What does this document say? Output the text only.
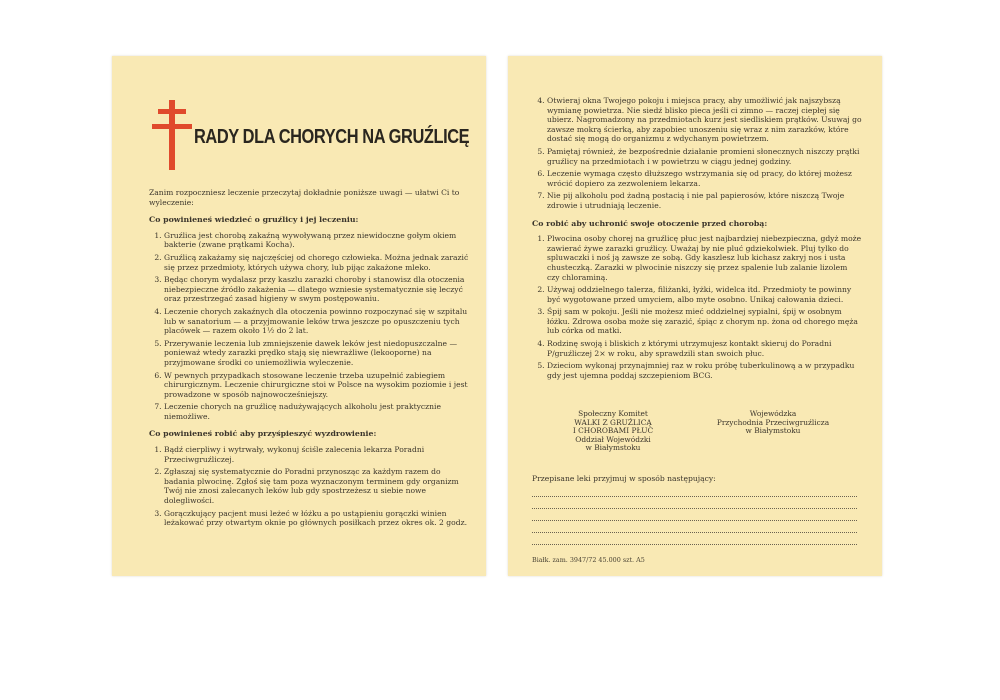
RADY DLA CHORYCH NA GRUŹLICĘ

Zanim rozpoczniesz leczenie przeczytaj dokładnie poniższe uwagi — ułatwi Ci to wyleczenie:

Co powinieneś wiedzieć o gruźlicy i jej leczeniu:
1. Gruźlica jest chorobą zakaźną wywoływaną przez niewidoczne gołym okiem bakterie (zwane prątkami Kocha).
2. Gruźlicą zakażamy się najczęściej od chorego człowieka. Można jednak zarazić się przez przedmioty, których używa chory, lub pijąc zakażone mleko.
3. Będąc chorym wydalasz przy kaszlu zarazki choroby i stanowisz dla otoczenia niebezpieczne źródło zakażenia — dlatego wzniesie systematycznie się leczyć oraz przestrzegać zasad higieny w swym postępowaniu.
4. Leczenie chorych zakaźnych dla otoczenia powinno rozpoczynać się w szpitalu lub w sanatorium — a przyjmowanie leków trwa jeszcze po opuszczeniu tych placówek — razem około 1½ do 2 lat.
5. Przerywanie leczenia lub zmniejszenie dawek leków jest niedopuszczalne — ponieważ wtedy zarazki prędko stają się niewrażliwe (lekooporne) na przyjmowane środki co uniemożliwia wyleczenie.
6. W pewnych przypadkach stosowane leczenie trzeba uzupełnić zabiegiem chirurgicznym. Leczenie chirurgiczne stoi w Polsce na wysokim poziomie i jest prowadzone w sposób najnowocześniejszy.
7. Leczenie chorych na gruźlicę nadużywających alkoholu jest praktycznie niemożliwe.
Co powinieneś robić aby przyśpieszyć wyzdrowienie:
1. Bądź cierpliwy i wytrwały, wykonuj ściśle zalecenia lekarza Poradni Przeciwgruźliczej.
2. Zgłaszaj się systematycznie do Poradni przynosząc za każdym razem do badania plwocinę. Zgłoś się tam poza wyznaczonym terminem gdy organizm Twój nie znosi zalecanych leków lub gdy spostrzeżesz u siebie nowe dolegliwości.
3. Gorączkujący pacjent musi leżeć w łóżku a po ustąpieniu gorączki winien leżakować przy otwartym oknie po głównych posiłkach przez okres ok. 2 godz.
4. Otwieraj okna Twojego pokoju i miejsca pracy, aby umożliwić jak najszybszą wymianę powietrza. Nie siedź blisko pieca jeśli ci zimno — raczej ciepłej się ubierz. Nagromadzony na przedmiotach kurz jest siedliskiem prątków. Usuwaj go zawsze mokrą ścierką, aby zapobiec unoszeniu się wraz z nim zarazków, które dostać się mogą do organizmu z wdychanym powietrzem.
5. Pamiętaj również, że bezpośrednie działanie promieni słonecznych niszczy prątki gruźlicy na przedmiotach i w powietrzu w ciągu jednej godziny.
6. Leczenie wymaga często dłuższego wstrzymania się od pracy, do której możesz wrócić dopiero za zezwoleniem lekarza.
7. Nie pij alkoholu pod żadną postacią i nie pal papierosów, które niszczą Twoje zdrowie i utrudniają leczenie.
Co robić aby uchronić swoje otoczenie przed chorobą:
1. Plwocina osoby chorej na gruźlicę płuc jest najbardziej niebezpieczna, gdyż może zawierać żywe zarazki gruźlicy. Uważaj by nie pluć gdziekolwiek. Pluj tylko do spluwaczki i noś ją zawsze ze sobą. Gdy kaszlesz lub kichasz zakryj nos i usta chusteczką. Zarazki w plwocinie niszczy się przez spalenie lub zalanie lizolem czy chloraminą.
2. Używaj oddzielnego talerza, filiżanki, łyżki, widelca itd. Przedmioty te powinny być wygotowane przed umyciem, albo myte osobno. Unikaj całowania dzieci.
3. Śpij sam w pokoju. Jeśli nie możesz mieć oddzielnej sypialni, śpij w osobnym łóżku. Zdrowa osoba może się zarazić, śpiąc z chorym np. żona od chorego męża lub córka od matki.
4. Rodzinę swoją i bliskich z którymi utrzymujesz kontakt skieruj do Poradni P/gruźliczej 2× w roku, aby sprawdzili stan swoich płuc.
5. Dzieciom wykonaj przynajmniej raz w roku próbę tuberkulinową a w przypadku gdy jest ujemna poddaj szczepieniom BCG.
Społeczny Komitet
WALKI Z GRUŹLICĄ
I CHOROBAMI PŁUC
Oddział Wojewódzki
w Białymstoku
Wojewódzka
Przychodnia Przeciwgruźlicza
w Białymstoku
Przepisane leki przyjmuj w sposób następujący:
Białk. zam. 3947/72 45.000 szt. A5
